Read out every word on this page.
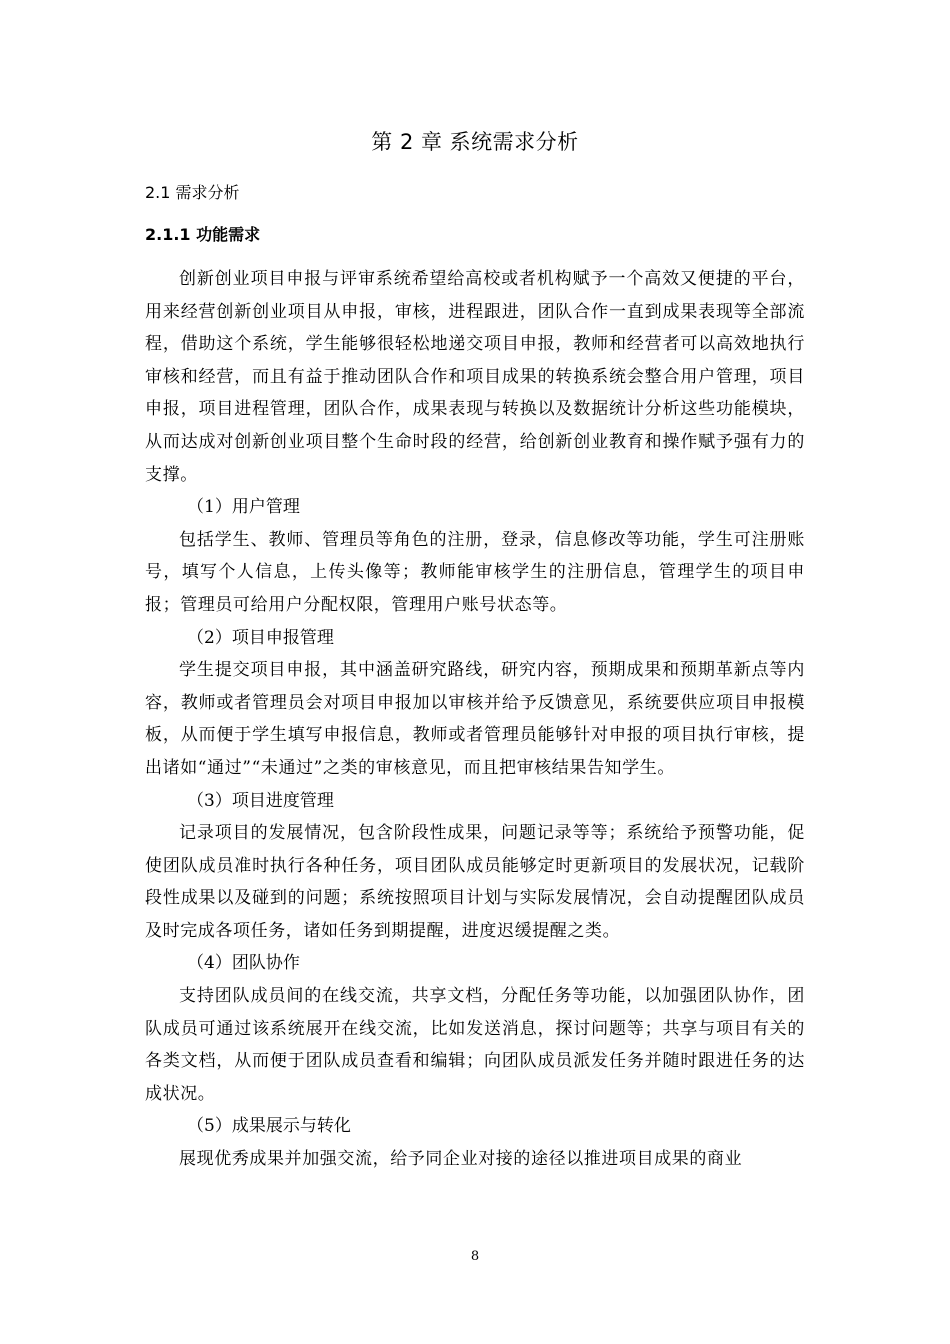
第 2 章 系统需求分析
2.1 需求分析
2.1.1 功能需求

创新创业项目申报与评审系统希望给高校或者机构赋予一个高效又便捷的平台，用来经营创新创业项目从申报，审核，进程跟进，团队合作一直到成果表现等全部流程，借助这个系统，学生能够很轻松地递交项目申报，教师和经营者可以高效地执行审核和经营，而且有益于推动团队合作和项目成果的转换系统会整合用户管理，项目申报，项目进程管理，团队合作，成果表现与转换以及数据统计分析这些功能模块，从而达成对创新创业项目整个生命时段的经营，给创新创业教育和操作赋予强有力的支撑。

（1）用户管理

包括学生、教师、管理员等角色的注册，登录，信息修改等功能，学生可注册账号，填写个人信息，上传头像等；教师能审核学生的注册信息，管理学生的项目申报；管理员可给用户分配权限，管理用户账号状态等。

（2）项目申报管理

学生提交项目申报，其中涵盖研究路线，研究内容，预期成果和预期革新点等内容，教师或者管理员会对项目申报加以审核并给予反馈意见，系统要供应项目申报模板，从而便于学生填写申报信息，教师或者管理员能够针对申报的项目执行审核，提出诸如“通过”“未通过”之类的审核意见，而且把审核结果告知学生。

（3）项目进度管理

记录项目的发展情况，包含阶段性成果，问题记录等等；系统给予预警功能，促使团队成员准时执行各种任务，项目团队成员能够定时更新项目的发展状况，记载阶段性成果以及碰到的问题；系统按照项目计划与实际发展情况，会自动提醒团队成员及时完成各项任务，诸如任务到期提醒，进度迟缓提醒之类。

（4）团队协作

支持团队成员间的在线交流，共享文档，分配任务等功能，以加强团队协作，团队成员可通过该系统展开在线交流，比如发送消息，探讨问题等；共享与项目有关的各类文档，从而便于团队成员查看和编辑；向团队成员派发任务并随时跟进任务的达成状况。

（5）成果展示与转化

展现优秀成果并加强交流，给予同企业对接的途径以推进项目成果的商业

8
